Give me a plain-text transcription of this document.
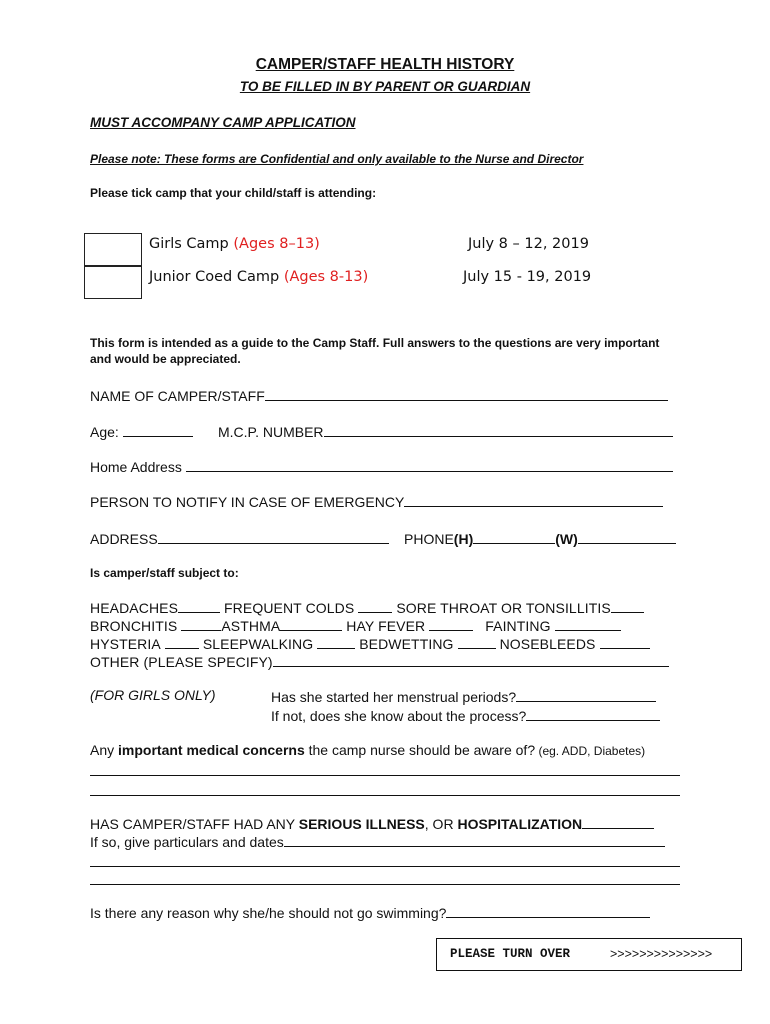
CAMPER/STAFF HEALTH HISTORY
TO BE FILLED IN BY PARENT OR GUARDIAN
MUST ACCOMPANY CAMP APPLICATION
Please note: These forms are Confidential and only available to the Nurse and Director
Please tick camp that your child/staff is attending:
Girls Camp (Ages 8–13)	July 8 – 12, 2019
Junior Coed Camp (Ages 8-13)	July 15 - 19, 2019
This form is intended as a guide to the Camp Staff. Full answers to the questions are very important and would be appreciated.
NAME OF CAMPER/STAFF
Age:	M.C.P. NUMBER
Home Address
PERSON TO NOTIFY IN CASE OF EMERGENCY
ADDRESS	PHONE(H)	(W)
Is camper/staff subject to:
HEADACHES	FREQUENT COLDS	SORE THROAT OR TONSILLITIS
BRONCHITIS	ASTHMA	HAY FEVER	FAINTING
HYSTERIA	SLEEPWALKING	BEDWETTING	NOSEBLEEDS
OTHER (PLEASE SPECIFY)
(FOR GIRLS ONLY)	Has she started her menstrual periods?
If not, does she know about the process?
Any important medical concerns the camp nurse should be aware of? (eg. ADD, Diabetes)
HAS CAMPER/STAFF HAD ANY SERIOUS ILLNESS, OR HOSPITALIZATION
If so, give particulars and dates
Is there any reason why she/he should not go swimming?
PLEASE TURN OVER	>>>>>>>>>>>>>>
